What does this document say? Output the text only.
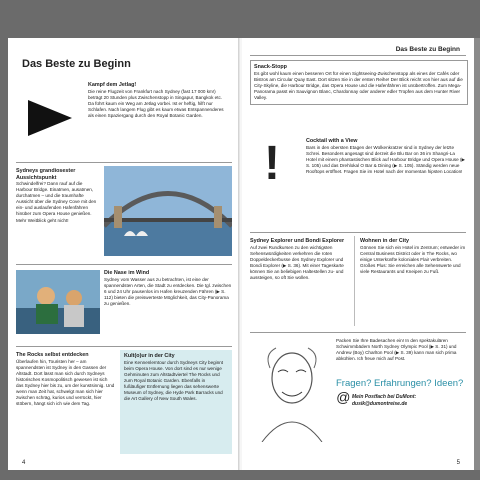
Das Beste zu Beginn
Kampf dem Jetlag!
Die reine Flugzeit von Frankfurt nach Sydney (fast 17 000 km!) beträgt 20 Stunden plus Zwischenstopp in Singapur, Bangkok etc. Da führt kaum ein Weg am Jetlag vorbei. Ist er heftig, hilft nur Schlafen. Nach langem Flug gibt es kaum etwas Entspannenderes als einen Spaziergang durch den Royal Botanic Garden.
Sydneys grandiosester Aussichtspunkt
Schwindelfrei? Dann rauf auf die Harbour Bridge. Einatmen, ausatmen, durchatmen – und die traumhafte Aussicht über die Sydney Cove mit den ein- und auslaufenden Hafenfähren hinüber zum Opera House genießen. Mehr Weitblick geht nicht!
Die Nase im Wind
Sydney vom Wasser aus zu betrachten, ist eine der spannendsten Arten, die Stadt zu entdecken. Die tgl. zwischen 6 und 24 Uhr pausenlos im Hafen kreuzenden Fähren (▶ S. 112) bieten die preiswerteste Möglichkeit, das City-Panorama zu genießen.
The Rocks selbst entdecken
Überlaufen hin, Touristen her – am spannendsten ist Sydney in den Gassen der Altstadt. Dort lässt man sich durch Sydneys historisches Kosmopolitisch gewesen ist sich das Sydney hier bis zu, um der kunstsinnig. Und wenn man Zeit hat, schwelgt man sich hier zwischen schräg, kurios und verrückt, hier stöbern, hängt sich ich wie dem Tag.
Kult(o)ur in der City
Eine Kennenlerntour durch Sydneys City beginnt beim Opera House. Von dort sind es nur wenige Gehminuten zum Altstadtviertel The Rocks und zum Royal Botanic Garden. Ebenfalls in fußläufiger Entfernung liegen das sehenswerte Museum of Sydney, die Hyde Park Barracks und die Art Gallery of New South Wales.
4
Das Beste zu Beginn
Snack-Stopp
Es gibt wohl kaum einen besseren Ort für einen Sightseeing-Zwischenstopp als eines der Cafés oder Bistros am Circular Quay East. Dort sitzen Sie in der ersten Reihe! Der Blick reicht von hier aus auf die City-Skyline, die Harbour Bridge, das Opera House und die Hafenfähren ist unübertroffen. Zum Mega-Panorama passt ein Sauvignon Blanc, Chardonnay oder anderer edler Tropfen aus dem Hunter River Valley.
!	Cocktail with a View
Bars in den obersten Etagen der Wolkenkratzer sind in Sydney der letzte Schrei. Besonders angesagt sind derzeit die Blu Bar on 36 im Shangri-La Hotel mit einem phantastischen Blick auf Harbour Bridge und Opera House (▶ S. 105) und das Drehlokal O Bar & Dining (▶ S. 105). Ständig werden neue Rooftops eröffnet. Fragen Sie im Hotel nach der momentan hipsten Location!
Sydney Explorer und Bondi Explorer
Auf zwei Rundkursen zu den wichtigsten Sehenswürdigkeiten verkehren die roten Doppeldeckerbusse des Sydney Explorer und Bondi Explorer (▶ S. 36). Mit einer Tageskarte können Sie an beliebigen Haltestellen zu- und aussteigen, so oft Sie wollen.
Wohnen in der City
Gönnen Sie sich ein Hotel im Zentrum; entweder im Central Business District oder in The Rocks, wo einige Unterkünfte koloniales Flair verbreiten. Großes Plus: Sie erreichen alle Sehenswerte und viele Restaurants und Kneipen zu Fuß.
Packen Sie Ihre Badesachen ein! In den spektakulären Schwimmbädern North Sydney Olympic Pool (▶ S. 31) und Andrew (Boy) Charlton Pool (▶ S. 39) kann man sich prima abkühlen. Ich freue mich auf Post.
Fragen? Erfahrungen? Ideen?
@ Mein Postfach bei DuMont:
dusik@dumontreise.de
5
